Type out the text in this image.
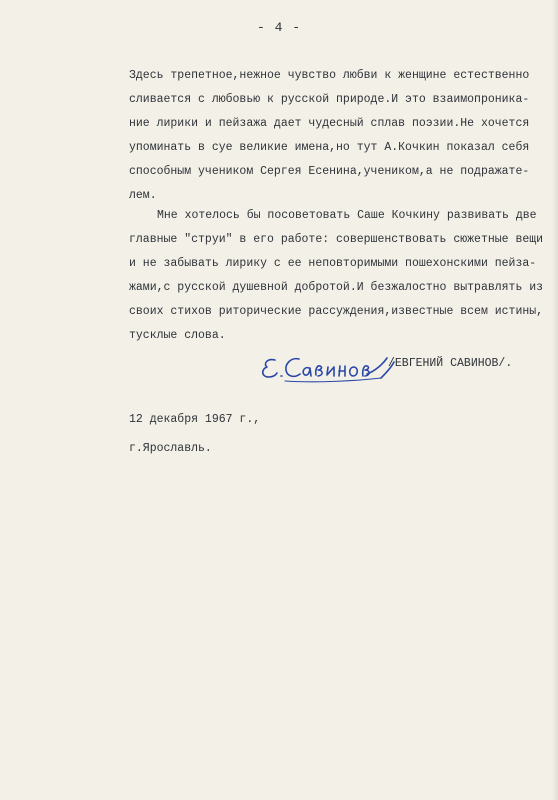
- 4 -
Здесь трепетное,нежное чувство любви к женщине естественно
сливается с любовью к русской природе.И это взаимопроникa-
ние лирики и пейзажа дает чудесный сплав поэзии.Не хочется
упоминать в суе великие имена,но тут А.Кочкин показал себя
способным учеником Сергея Есенина,учеником,а не подражате-
лем.
Мне хотелось бы посоветовать Саше Кочкину развивать две
главные "струи" в его работе: совершенствовать сюжетные вещи
и не забывать лирику с ее неповторимыми пошехонскими пейза-
жами,с русской душевной добротой.И безжалостно вытравлять из
своих стихов риторические рассуждения,известные всем истины,
тусклые слова.
/ЕВГЕНИЙ САВИНОВ/.
12 декабря 1967 г.,
г.Ярославль.
